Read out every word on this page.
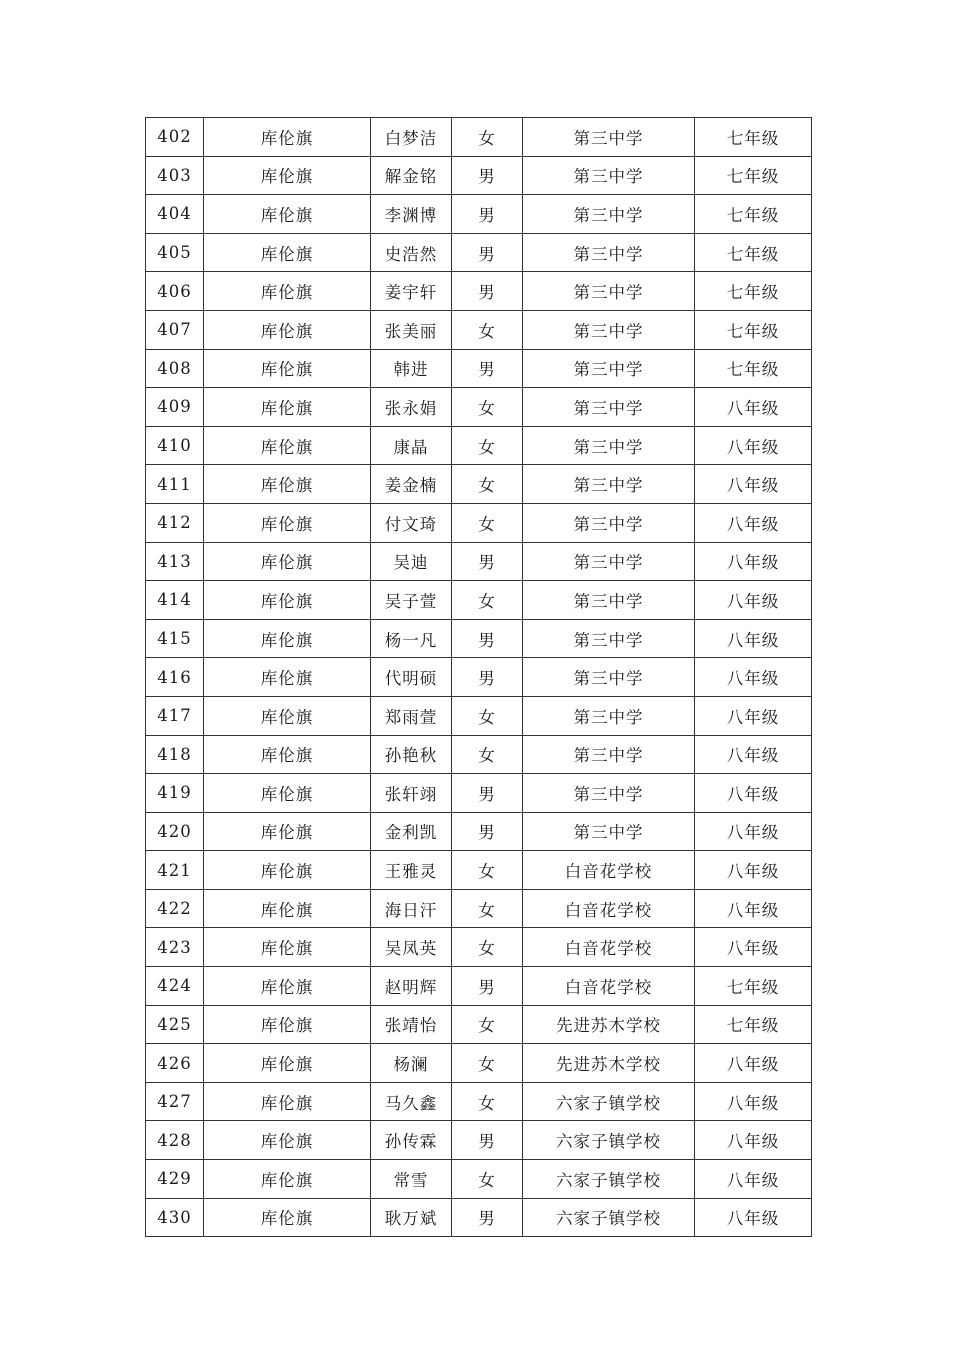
402	库伦旗	白梦洁	女	第三中学	七年级
403	库伦旗	解金铭	男	第三中学	七年级
404	库伦旗	李渊博	男	第三中学	七年级
405	库伦旗	史浩然	男	第三中学	七年级
406	库伦旗	姜宇轩	男	第三中学	七年级
407	库伦旗	张美丽	女	第三中学	七年级
408	库伦旗	韩进	男	第三中学	七年级
409	库伦旗	张永娟	女	第三中学	八年级
410	库伦旗	康晶	女	第三中学	八年级
411	库伦旗	姜金楠	女	第三中学	八年级
412	库伦旗	付文琦	女	第三中学	八年级
413	库伦旗	吴迪	男	第三中学	八年级
414	库伦旗	吴子萱	女	第三中学	八年级
415	库伦旗	杨一凡	男	第三中学	八年级
416	库伦旗	代明硕	男	第三中学	八年级
417	库伦旗	郑雨萱	女	第三中学	八年级
418	库伦旗	孙艳秋	女	第三中学	八年级
419	库伦旗	张轩翊	男	第三中学	八年级
420	库伦旗	金利凯	男	第三中学	八年级
421	库伦旗	王雅灵	女	白音花学校	八年级
422	库伦旗	海日汗	女	白音花学校	八年级
423	库伦旗	吴凤英	女	白音花学校	八年级
424	库伦旗	赵明辉	男	白音花学校	七年级
425	库伦旗	张靖怡	女	先进苏木学校	七年级
426	库伦旗	杨澜	女	先进苏木学校	八年级
427	库伦旗	马久鑫	女	六家子镇学校	八年级
428	库伦旗	孙传霖	男	六家子镇学校	八年级
429	库伦旗	常雪	女	六家子镇学校	八年级
430	库伦旗	耿万斌	男	六家子镇学校	八年级
